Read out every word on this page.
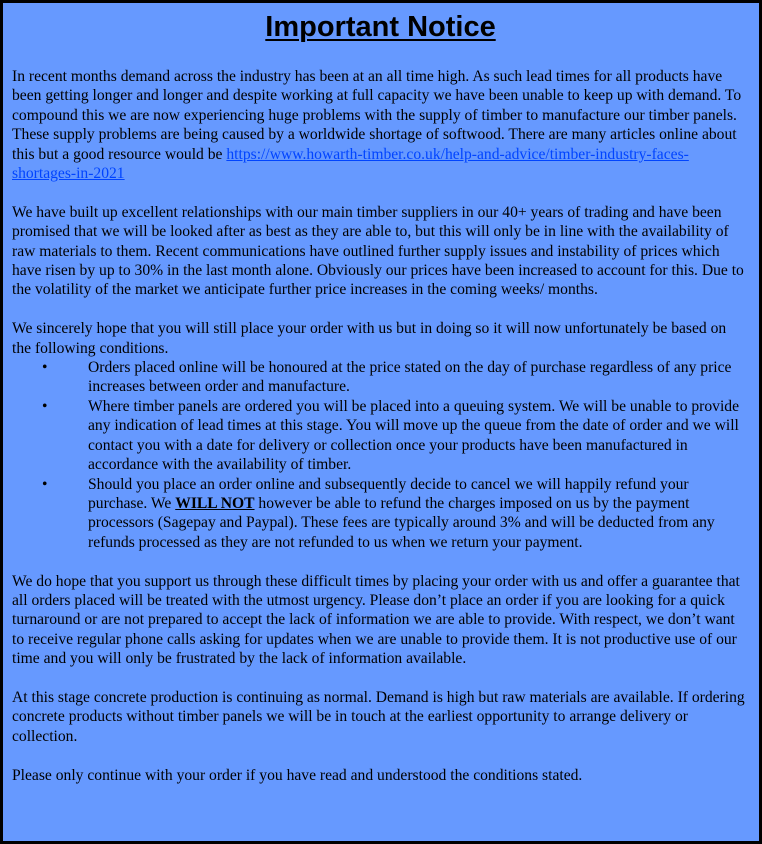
Important Notice

In recent months demand across the industry has been at an all time high. As such lead times for all products have been getting longer and longer and despite working at full capacity we have been unable to keep up with demand. To compound this we are now experiencing huge problems with the supply of timber to manufacture our timber panels. These supply problems are being caused by a worldwide shortage of softwood. There are many articles online about this but a good resource would be https://www.howarth-timber.co.uk/help-and-advice/timber-industry-faces-shortages-in-2021

We have built up excellent relationships with our main timber suppliers in our 40+ years of trading and have been promised that we will be looked after as best as they are able to, but this will only be in line with the availability of raw materials to them. Recent communications have outlined further supply issues and instability of prices which have risen by up to 30% in the last month alone. Obviously our prices have been increased to account for this. Due to the volatility of the market we anticipate further price increases in the coming weeks/ months.

We sincerely hope that you will still place your order with us but in doing so it will now unfortunately be based on the following conditions.

•	Orders placed online will be honoured at the price stated on the day of purchase regardless of any price increases between order and manufacture.
•	Where timber panels are ordered you will be placed into a queuing system. We will be unable to provide any indication of lead times at this stage. You will move up the queue from the date of order and we will contact you with a date for delivery or collection once your products have been manufactured in accordance with the availability of timber.
•	Should you place an order online and subsequently decide to cancel we will happily refund your purchase. We WILL NOT however be able to refund the charges imposed on us by the payment processors (Sagepay and Paypal). These fees are typically around 3% and will be deducted from any refunds processed as they are not refunded to us when we return your payment.

We do hope that you support us through these difficult times by placing your order with us and offer a guarantee that all orders placed will be treated with the utmost urgency. Please don’t place an order if you are looking for a quick turnaround or are not prepared to accept the lack of information we are able to provide. With respect, we don’t want to receive regular phone calls asking for updates when we are unable to provide them. It is not productive use of our time and you will only be frustrated by the lack of information available.

At this stage concrete production is continuing as normal. Demand is high but raw materials are available. If ordering concrete products without timber panels we will be in touch at the earliest opportunity to arrange delivery or collection.

Please only continue with your order if you have read and understood the conditions stated.
